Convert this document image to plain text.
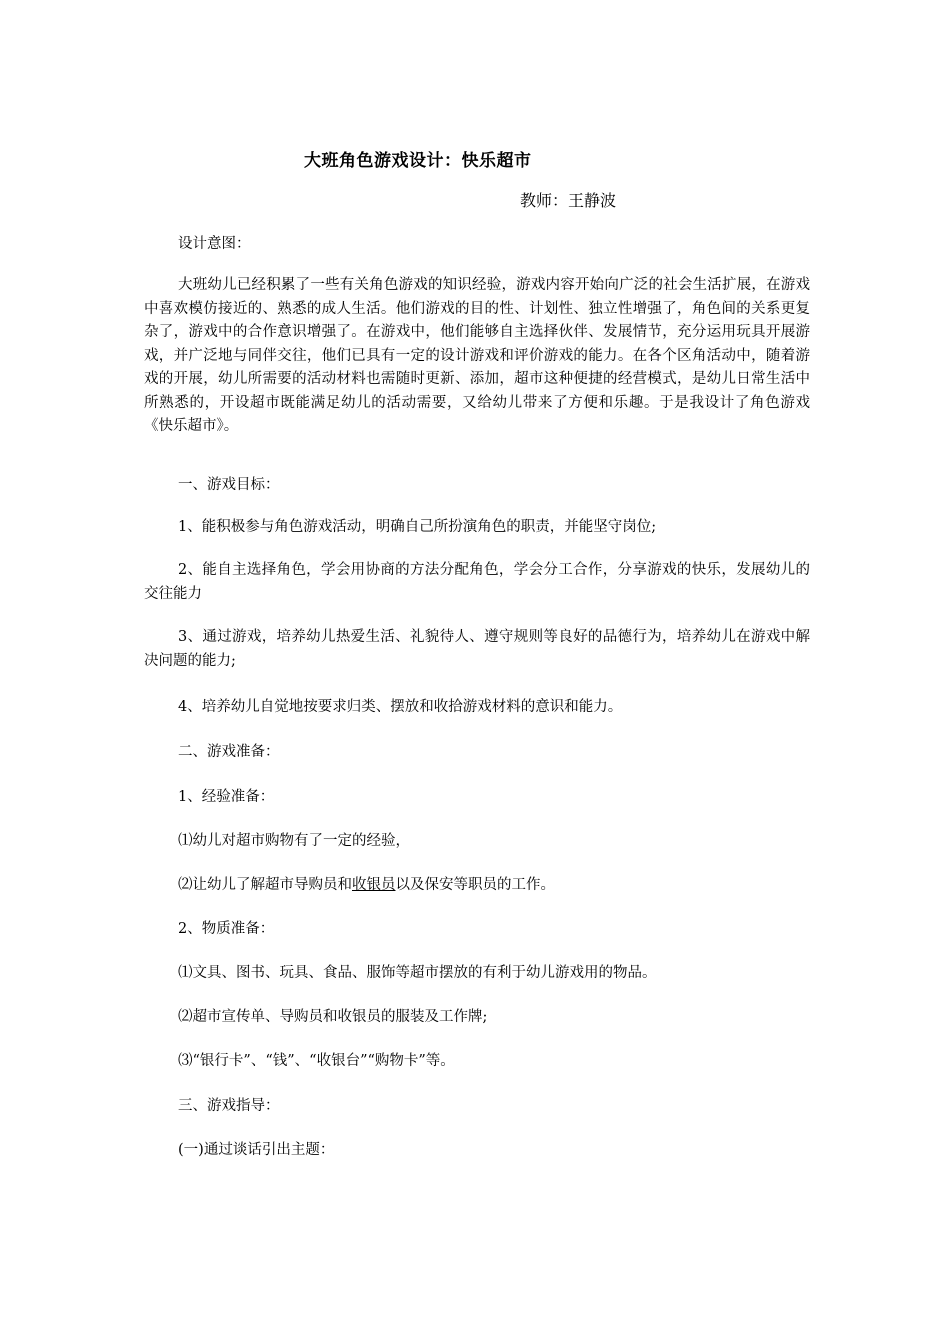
大班角色游戏设计：快乐超市
教师：王静波
设计意图：
大班幼儿已经积累了一些有关角色游戏的知识经验，游戏内容开始向广泛的社会生活扩展，在游戏中喜欢模仿接近的、熟悉的成人生活。他们游戏的目的性、计划性、独立性增强了，角色间的关系更复杂了，游戏中的合作意识增强了。在游戏中，他们能够自主选择伙伴、发展情节，充分运用玩具开展游戏，并广泛地与同伴交往，他们已具有一定的设计游戏和评价游戏的能力。在各个区角活动中，随着游戏的开展，幼儿所需要的活动材料也需随时更新、添加，超市这种便捷的经营模式，是幼儿日常生活中所熟悉的，开设超市既能满足幼儿的活动需要，又给幼儿带来了方便和乐趣。于是我设计了角色游戏《快乐超市》。
一、游戏目标：
1、能积极参与角色游戏活动，明确自己所扮演角色的职责，并能坚守岗位;
2、能自主选择角色，学会用协商的方法分配角色，学会分工合作，分享游戏的快乐，发展幼儿的交往能力
3、通过游戏，培养幼儿热爱生活、礼貌待人、遵守规则等良好的品德行为，培养幼儿在游戏中解决问题的能力;
4、培养幼儿自觉地按要求归类、摆放和收拾游戏材料的意识和能力。
二、游戏准备：
1、经验准备：
⑴幼儿对超市购物有了一定的经验，
⑵让幼儿了解超市导购员和收银员以及保安等职员的工作。
2、物质准备：
⑴文具、图书、玩具、食品、服饰等超市摆放的有利于幼儿游戏用的物品。
⑵超市宣传单、导购员和收银员的服装及工作牌;
⑶“银行卡”、“钱”、“收银台”“购物卡”等。
三、游戏指导：
(一)通过谈话引出主题：
